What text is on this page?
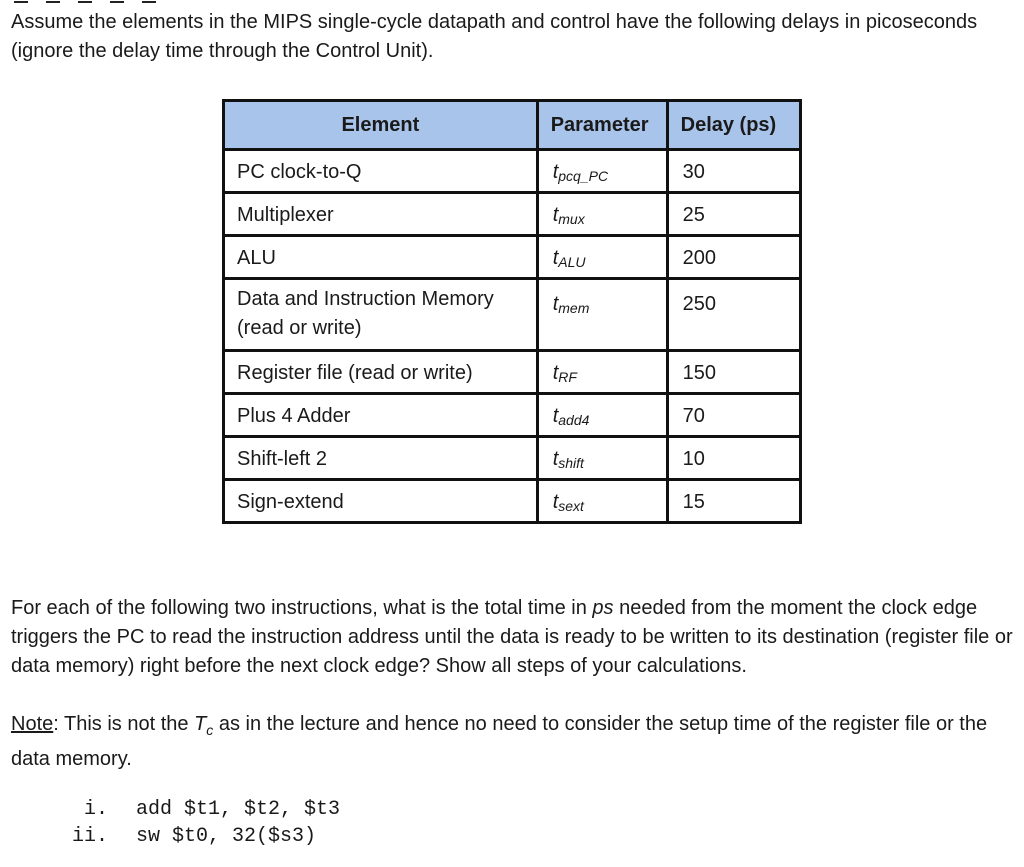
Assume the elements in the MIPS single-cycle datapath and control have the following delays in picoseconds (ignore the delay time through the Control Unit).

Element	Parameter	Delay (ps)
PC clock-to-Q	$t_{pcq\_PC}$	30
Multiplexer	$t_{mux}$	25
ALU	$t_{ALU}$	200
Data and Instruction Memory (read or write)	$t_{mem}$	250
Register file (read or write)	$t_{RF}$	150
Plus 4 Adder	$t_{add4}$	70
Shift-left 2	$t_{shift}$	10
Sign-extend	$t_{sext}$	15

For each of the following two instructions, what is the total time in ps needed from the moment the clock edge triggers the PC to read the instruction address until the data is ready to be written to its destination (register file or data memory) right before the next clock edge? Show all steps of your calculations.

Note: This is not the $T_c$ as in the lecture and hence no need to consider the setup time of the register file or the data memory.

i. add $t1, $t2, $t3
ii. sw $t0, 32($s3)
